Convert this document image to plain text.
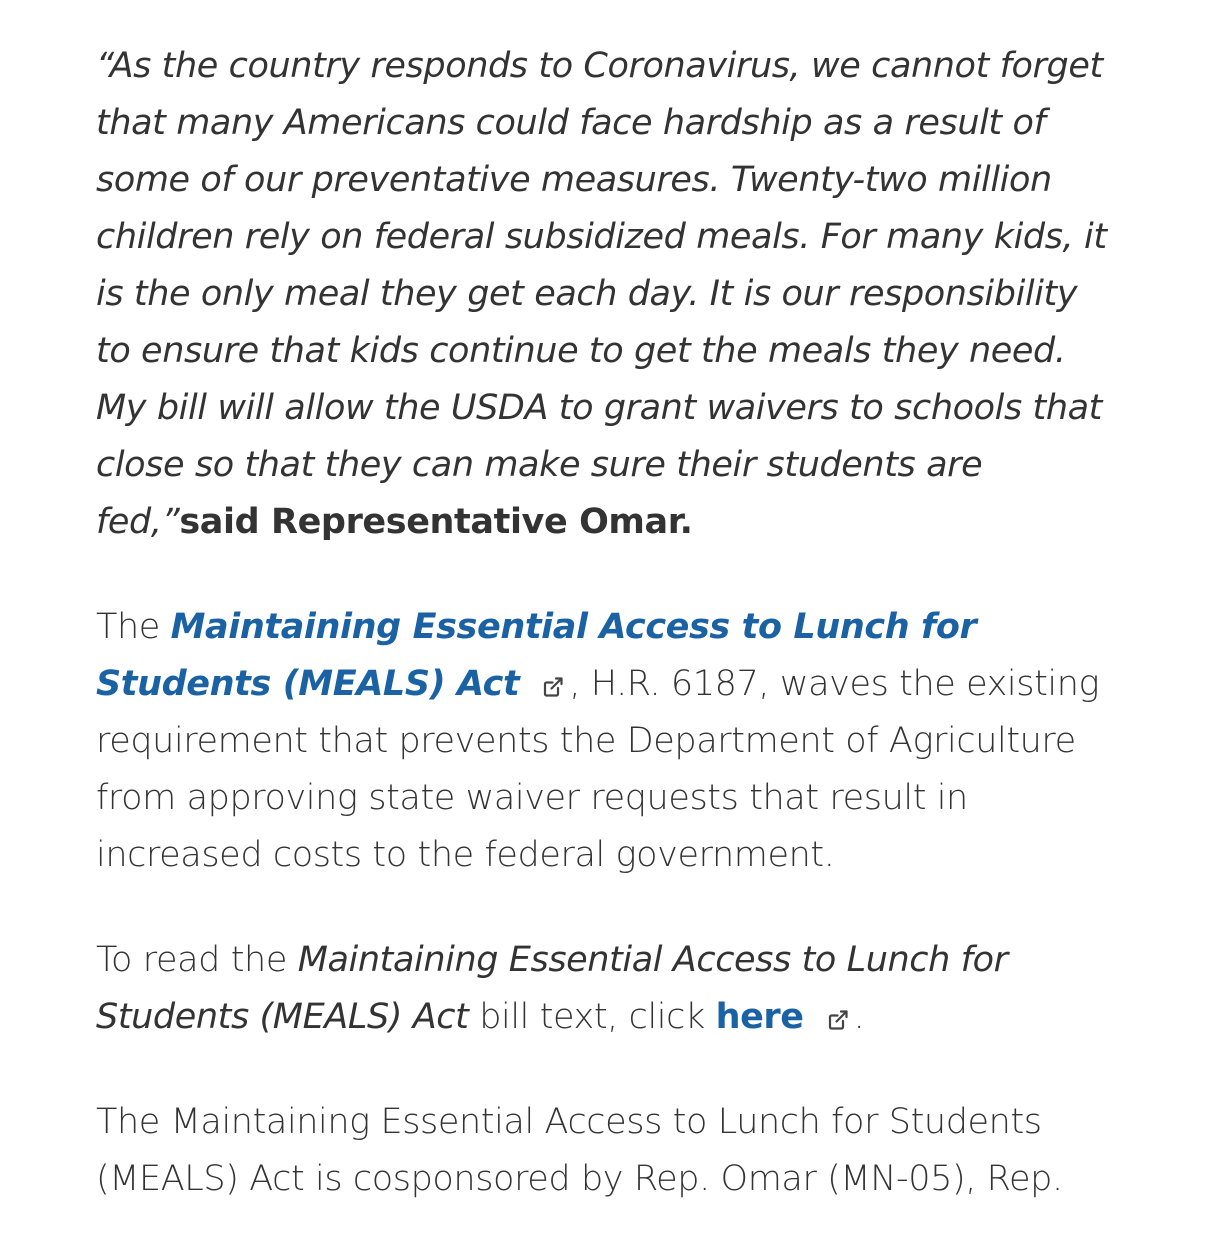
“As the country responds to Coronavirus, we cannot forget that many Americans could face hardship as a result of some of our preventative measures. Twenty-two million children rely on federal subsidized meals. For many kids, it is the only meal they get each day. It is our responsibility to ensure that kids continue to get the meals they need. My bill will allow the USDA to grant waivers to schools that close so that they can make sure their students are fed,”said Representative Omar.

The Maintaining Essential Access to Lunch for Students (MEALS) Act , H.R. 6187, waves the existing requirement that prevents the Department of Agriculture from approving state waiver requests that result in increased costs to the federal government.

To read the Maintaining Essential Access to Lunch for Students (MEALS) Act bill text, click here .

The Maintaining Essential Access to Lunch for Students (MEALS) Act is cosponsored by Rep. Omar (MN-05), Rep.
